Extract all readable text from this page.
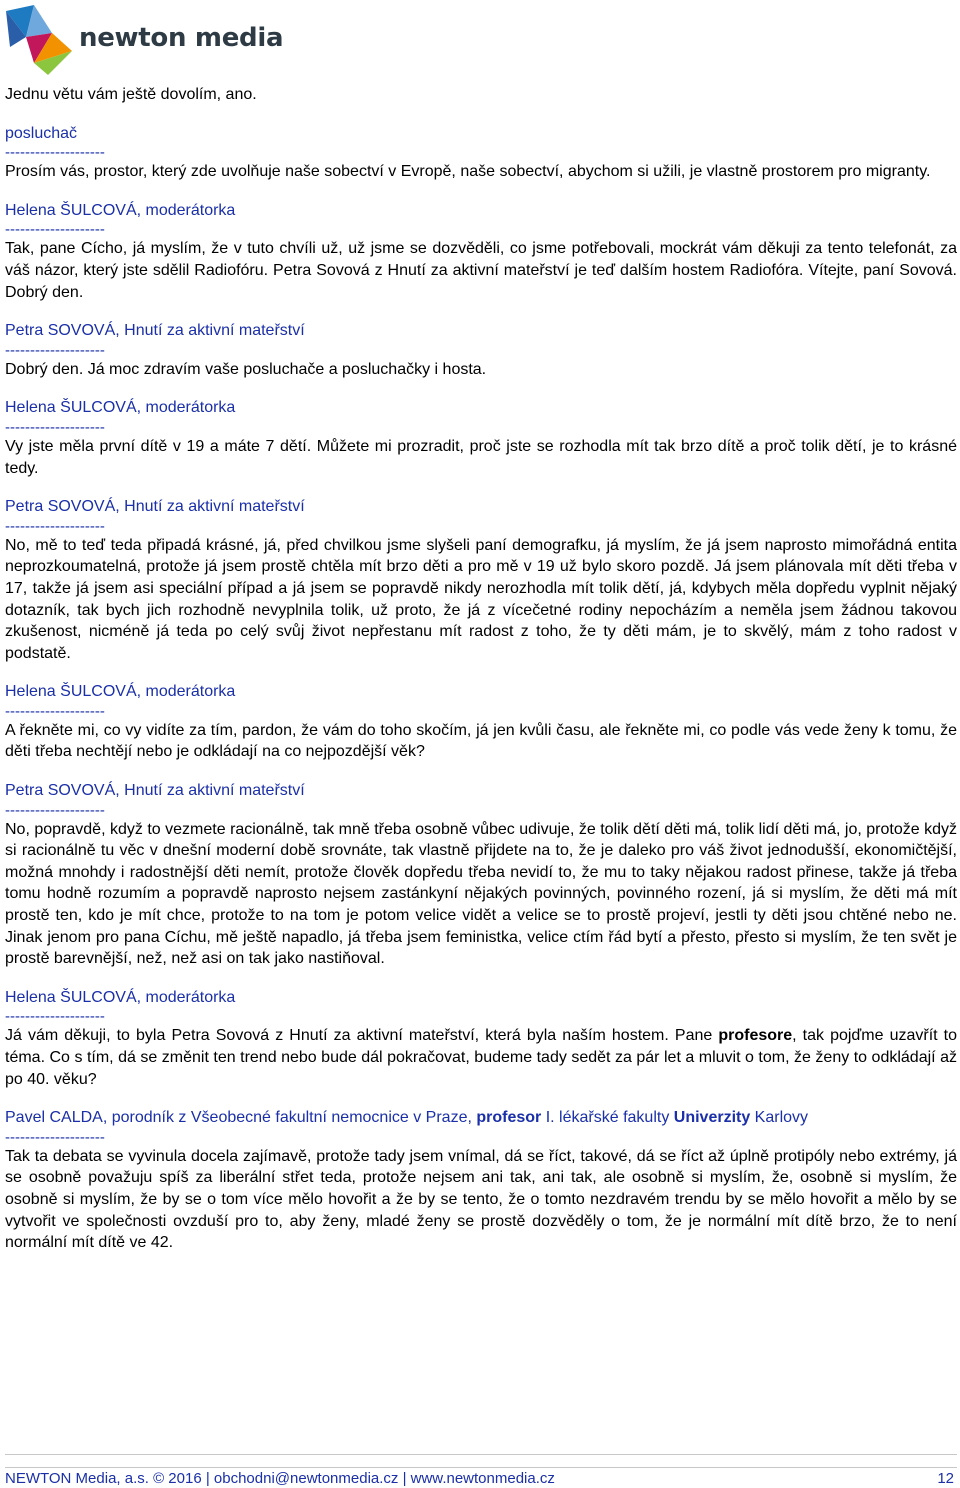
newton media

Jednu větu vám ještě dovolím, ano.

posluchač

--------------------

Prosím vás, prostor, který zde uvolňuje naše sobectví v Evropě, naše sobectví, abychom si užili, je vlastně prostorem pro migranty.

Helena ŠULCOVÁ, moderátorka

--------------------

Tak, pane Cícho, já myslím, že v tuto chvíli už, už jsme se dozvěděli, co jsme potřebovali, mockrát vám děkuji za tento telefonát, za váš názor, který jste sdělil Radiofóru. Petra Sovová z Hnutí za aktivní mateřství je teď dalším hostem Radiofóra. Vítejte, paní Sovová. Dobrý den.

Petra SOVOVÁ, Hnutí za aktivní mateřství

--------------------

Dobrý den. Já moc zdravím vaše posluchače a posluchačky i hosta.

Helena ŠULCOVÁ, moderátorka

--------------------

Vy jste měla první dítě v 19 a máte 7 dětí. Můžete mi prozradit, proč jste se rozhodla mít tak brzo dítě a proč tolik dětí, je to krásné tedy.

Petra SOVOVÁ, Hnutí za aktivní mateřství

--------------------

No, mě to teď teda připadá krásné, já, před chvilkou jsme slyšeli paní demografku, já myslím, že já jsem naprosto mimořádná entita neprozkoumatelná, protože já jsem prostě chtěla mít brzo děti a pro mě v 19 už bylo skoro pozdě. Já jsem plánovala mít děti třeba v 17, takže já jsem asi speciální případ a já jsem se popravdě nikdy nerozhodla mít tolik dětí, já, kdybych měla dopředu vyplnit nějaký dotazník, tak bych jich rozhodně nevyplnila tolik, už proto, že já z vícečetné rodiny nepocházím a neměla jsem žádnou takovou zkušenost, nicméně já teda po celý svůj život nepřestanu mít radost z toho, že ty děti mám, je to skvělý, mám z toho radost v podstatě.

Helena ŠULCOVÁ, moderátorka

--------------------

A řekněte mi, co vy vidíte za tím, pardon, že vám do toho skočím, já jen kvůli času, ale řekněte mi, co podle vás vede ženy k tomu, že děti třeba nechtějí nebo je odkládají na co nejpozdější věk?

Petra SOVOVÁ, Hnutí za aktivní mateřství

--------------------

No, popravdě, když to vezmete racionálně, tak mně třeba osobně vůbec udivuje, že tolik dětí děti má, tolik lidí děti má, jo, protože když si racionálně tu věc v dnešní moderní době srovnáte, tak vlastně přijdete na to, že je daleko pro váš život jednodušší, ekonomičtější, možná mnohdy i radostnější děti nemít, protože člověk dopředu třeba nevidí to, že mu to taky nějakou radost přinese, takže já třeba tomu hodně rozumím a popravdě naprosto nejsem zastánkyní nějakých povinných, povinného rození, já si myslím, že děti má mít prostě ten, kdo je mít chce, protože to na tom je potom velice vidět a velice se to prostě projeví, jestli ty děti jsou chtěné nebo ne. Jinak jenom pro pana Cíchu, mě ještě napadlo, já třeba jsem feministka, velice ctím řád bytí a přesto, přesto si myslím, že ten svět je prostě barevnější, než, než asi on tak jako nastiňoval.

Helena ŠULCOVÁ, moderátorka

--------------------

Já vám děkuji, to byla Petra Sovová z Hnutí za aktivní mateřství, která byla naším hostem. Pane profesore, tak pojďme uzavřít to téma. Co s tím, dá se změnit ten trend nebo bude dál pokračovat, budeme tady sedět za pár let a mluvit o tom, že ženy to odkládají až po 40. věku?

Pavel CALDA, porodník z Všeobecné fakultní nemocnice v Praze, profesor I. lékařské fakulty Univerzity Karlovy

--------------------

Tak ta debata se vyvinula docela zajímavě, protože tady jsem vnímal, dá se říct, takové, dá se říct až úplně protipóly nebo extrémy, já se osobně považuju spíš za liberální střet teda, protože nejsem ani tak, ani tak, ale osobně si myslím, že, osobně si myslím, že osobně si myslím, že by se o tom více mělo hovořit a že by se tento, že o tomto nezdravém trendu by se mělo hovořit a mělo by se vytvořit ve společnosti ovzduší pro to, aby ženy, mladé ženy se prostě dozvěděly o tom, že je normální mít dítě brzo, že to není normální mít dítě ve 42.

NEWTON Media, a.s. © 2016 | obchodni@newtonmedia.cz | www.newtonmedia.cz	12
